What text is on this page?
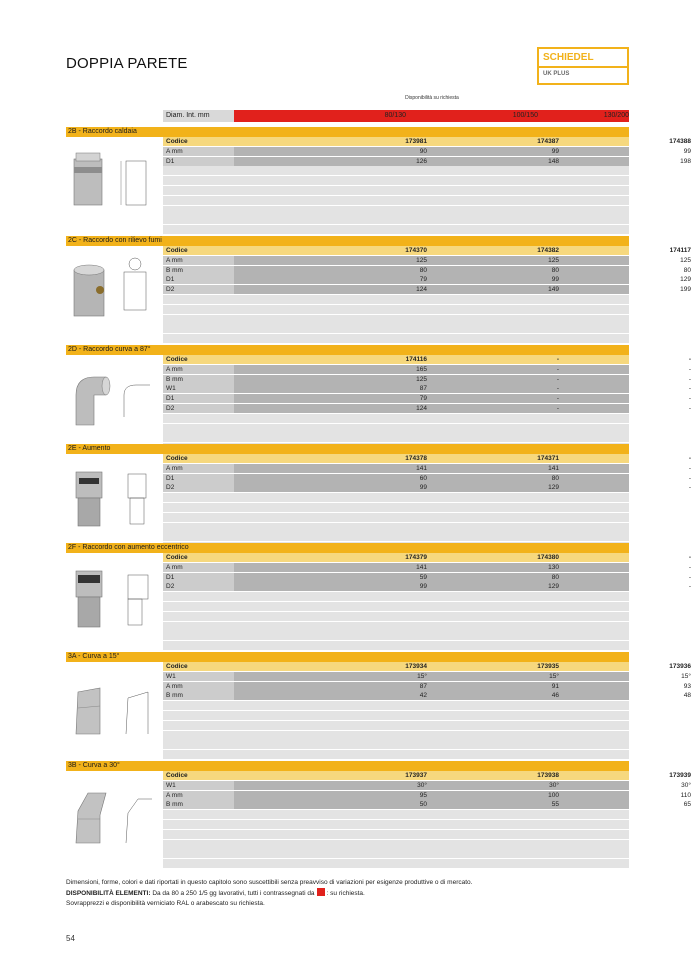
DOPPIA PARETE	SCHIEDEL
UK PLUS
Disponibilità su richiesta
Diam. Int. mm	80/130	100/150	130/200
2B - Raccordo caldaia
Codice	173981	174387	174388
A mm	90	99	99
D1	126	148	198
2C - Raccordo con rilievo fumi
Codice	174370	174382	174117
A mm	125	125	125
B mm	80	80	80
D1	79	99	129
D2	124	149	199
2D - Raccordo curva a 87°
Codice	174116	-	-
A mm	165	-	-
B mm	125	-	-
W1	87	-	-
D1	79	-	-
D2	124	-	-
2E - Aumento
Codice	174378	174371	-
A mm	141	141	-
D1	60	80	-
D2	99	129	-
2F - Raccordo con aumento eccentrico
Codice	174379	174380	-
A mm	141	130	-
D1	59	80	-
D2	99	129	-
3A - Curva a 15°
Codice	173934	173935	173936
W1	15°	15°	15°
A mm	87	91	93
B mm	42	46	48
3B - Curva a 30°
Codice	173937	173938	173939
W1	30°	30°	30°
A mm	95	100	110
B mm	50	55	65
Dimensioni, forme, colori e dati riportati in questo capitolo sono suscettibili senza preavviso di variazioni per esigenze produttive o di mercato.
DISPONIBILITÀ ELEMENTI: Da da 80 a 250 1/5 gg lavorativi, tutti i contrassegnati da : su richiesta.
Sovrapprezzi e disponibilità verniciato RAL o arabescato su richiesta.
54
